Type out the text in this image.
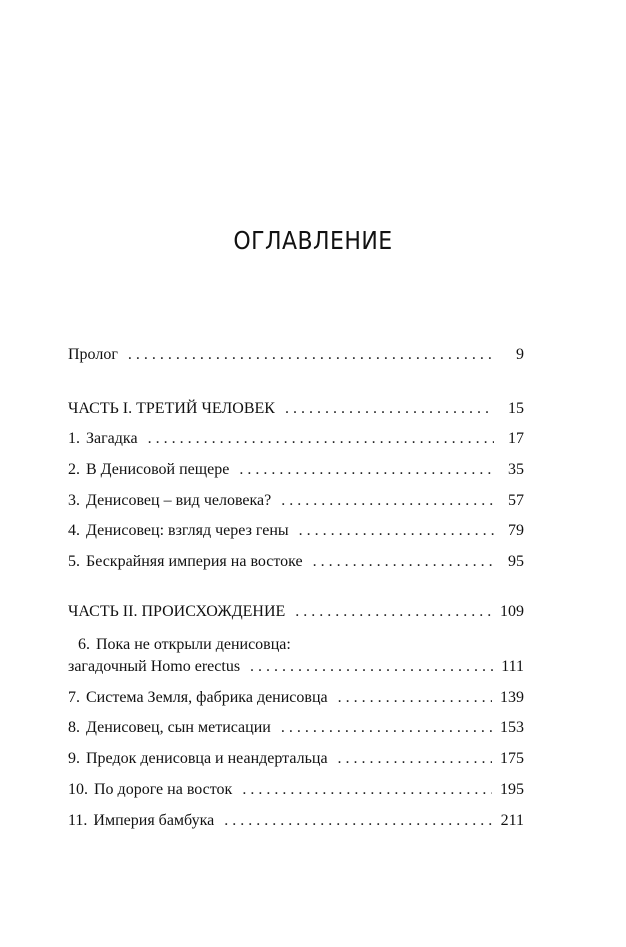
ОГЛАВЛЕНИЕ
Пролог . . .	9
ЧАСТЬ I. ТРЕТИЙ ЧЕЛОВЕК . . .	15
1. Загадка . . .	17
2. В Денисовой пещере . . .	35
3. Денисовец – вид человека? . . .	57
4. Денисовец: взгляд через гены . . .	79
5. Бескрайняя империя на востоке . . .	95
ЧАСТЬ II. ПРОИСХОЖДЕНИЕ . . .	109
6. Пока не открыли денисовца:
загадочный Homo erectus . . .	111
7. Система Земля, фабрика денисовца . . .	139
8. Денисовец, сын метисации . . .	153
9. Предок денисовца и неандертальца . . .	175
10. По дороге на восток . . .	195
11. Империя бамбука . . .	211
